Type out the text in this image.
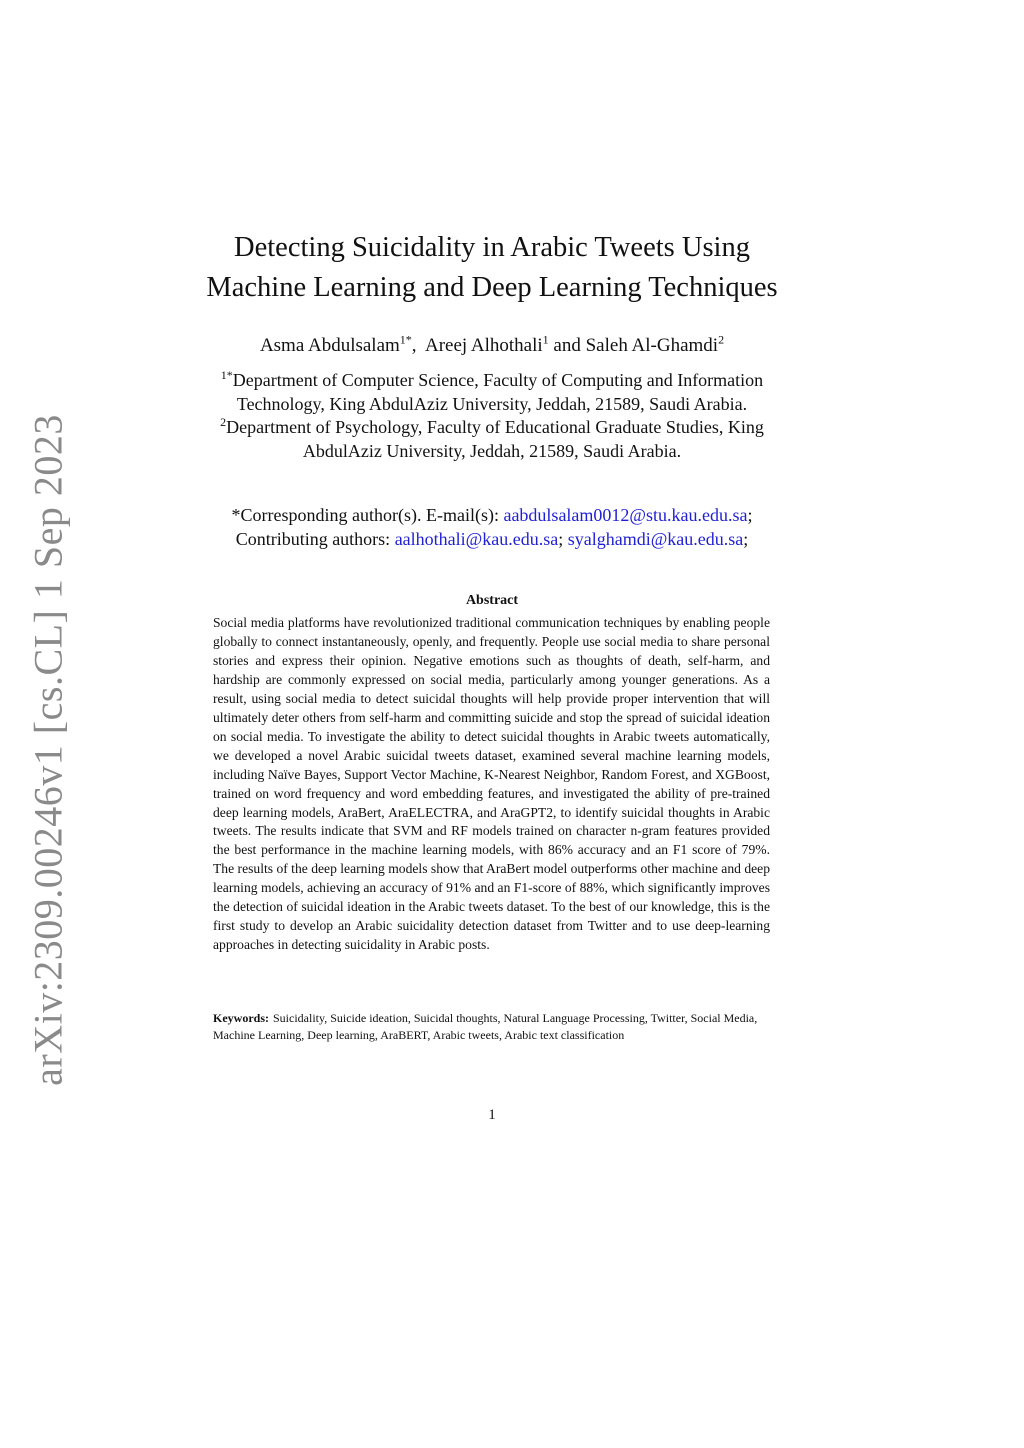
arXiv:2309.00246v1 [cs.CL] 1 Sep 2023
Detecting Suicidality in Arabic Tweets Using
Machine Learning and Deep Learning Techniques
Asma Abdulsalam$^{1*}$,  Areej Alhothali$^1$ and Saleh Al-Ghamdi$^2$
$^{1*}$Department of Computer Science, Faculty of Computing and Information Technology, King AbdulAziz University, Jeddah, 21589, Saudi Arabia.
$^2$Department of Psychology, Faculty of Educational Graduate Studies, King AbdulAziz University, Jeddah, 21589, Saudi Arabia.
*Corresponding author(s). E-mail(s): aabdulsalam0012@stu.kau.edu.sa;
Contributing authors: aalhothali@kau.edu.sa; syalghamdi@kau.edu.sa;
Abstract

Social media platforms have revolutionized traditional communication techniques by enabling people globally to connect instantaneously, openly, and frequently. People use social media to share personal stories and express their opinion. Negative emotions such as thoughts of death, self-harm, and hardship are commonly expressed on social media, particularly among younger generations. As a result, using social media to detect suicidal thoughts will help provide proper intervention that will ultimately deter others from self-harm and committing suicide and stop the spread of suicidal ideation on social media. To investigate the ability to detect suicidal thoughts in Arabic tweets automatically, we developed a novel Arabic suicidal tweets dataset, examined several machine learning models, including Naïve Bayes, Support Vector Machine, K-Nearest Neighbor, Random Forest, and XGBoost, trained on word frequency and word embedding features, and investigated the ability of pre-trained deep learning models, AraBert, AraELECTRA, and AraGPT2, to identify suicidal thoughts in Arabic tweets. The results indicate that SVM and RF models trained on character n-gram features provided the best performance in the machine learning models, with 86% accuracy and an F1 score of 79%. The results of the deep learning models show that AraBert model outperforms other machine and deep learning models, achieving an accuracy of 91% and an F1-score of 88%, which significantly improves the detection of suicidal ideation in the Arabic tweets dataset. To the best of our knowledge, this is the first study to develop an Arabic suicidality detection dataset from Twitter and to use deep-learning approaches in detecting suicidality in Arabic posts.

Keywords: Suicidality, Suicide ideation, Suicidal thoughts, Natural Language Processing, Twitter, Social Media, Machine Learning, Deep learning, AraBERT, Arabic tweets, Arabic text classification

1
